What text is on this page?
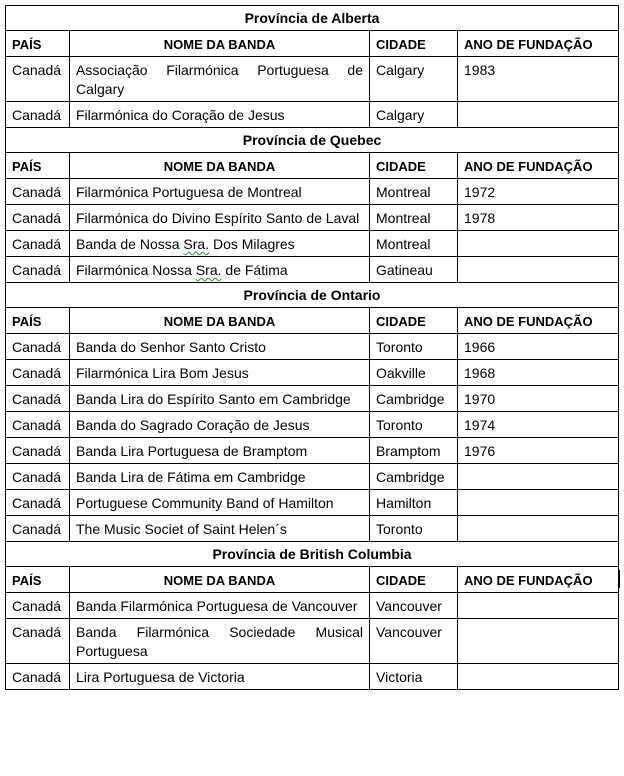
Província de Alberta			
PAÍS	NOME DA BANDA	CIDADE	ANO DE FUNDAÇÃO
Canadá	Associação Filarmónica Portuguesa de Calgary	Calgary	1983
Canadá	Filarmónica do Coração de Jesus	Calgary	
Província de Quebec			
PAÍS	NOME DA BANDA	CIDADE	ANO DE FUNDAÇÃO
Canadá	Filarmónica Portuguesa de Montreal	Montreal	1972
Canadá	Filarmónica do Divino Espírito Santo de Laval	Montreal	1978
Canadá	Banda de Nossa Sra. Dos Milagres	Montreal	
Canadá	Filarmónica Nossa Sra. de Fátima	Gatineau	
Província de Ontario			
PAÍS	NOME DA BANDA	CIDADE	ANO DE FUNDAÇÃO
Canadá	Banda do Senhor Santo Cristo	Toronto	1966
Canadá	Filarmónica Lira Bom Jesus	Oakville	1968
Canadá	Banda Lira do Espírito Santo em Cambridge	Cambridge	1970
Canadá	Banda do Sagrado Coração de Jesus	Toronto	1974
Canadá	Banda Lira Portuguesa de Bramptom	Bramptom	1976
Canadá	Banda Lira de Fátima em Cambridge	Cambridge	
Canadá	Portuguese Community Band of Hamilton	Hamilton	
Canadá	The Music Societ of Saint Helen´s	Toronto	
Província de British Columbia			
PAÍS	NOME DA BANDA	CIDADE	ANO DE FUNDAÇÃO
Canadá	Banda Filarmónica Portuguesa de Vancouver	Vancouver	
Canadá	Banda Filarmónica Sociedade Musical Portuguesa	Vancouver	
Canadá	Lira Portuguesa de Victoria	Victoria	
